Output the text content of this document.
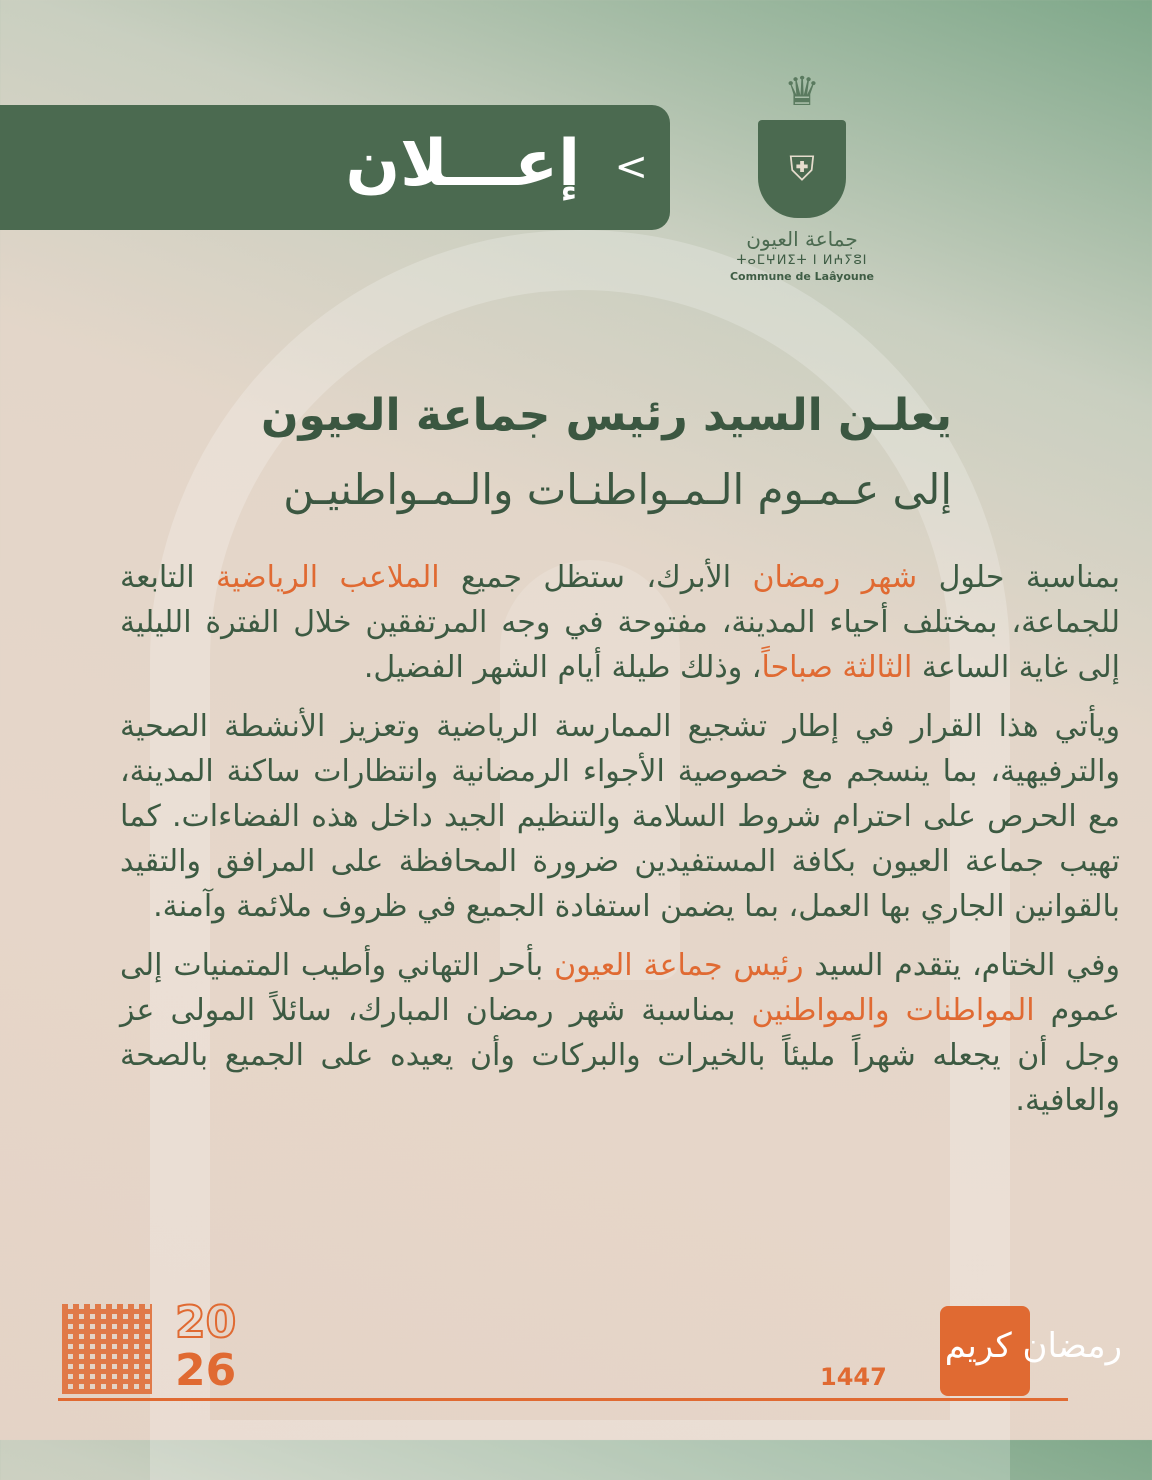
إعـــلان <
♛
⛨
جماعة العيون
ⵜⴰⵎⵖⵍⵉⵜ ⵏ ⵍⵄⵢⵓⵏ
Commune de Laâyoune
يعلـن السيد رئيس جماعة العيون
إلى عـمـوم الـمـواطنـات والـمـواطنيـن
بمناسبة حلول شهر رمضان الأبرك، ستظل جميع الملاعب الرياضية التابعة للجماعة، بمختلف أحياء المدينة، مفتوحة في وجه المرتفقين خلال الفترة الليلية إلى غاية الساعة الثالثة صباحاً، وذلك طيلة أيام الشهر الفضيل.
ويأتي هذا القرار في إطار تشجيع الممارسة الرياضية وتعزيز الأنشطة الصحية والترفيهية، بما ينسجم مع خصوصية الأجواء الرمضانية وانتظارات ساكنة المدينة، مع الحرص على احترام شروط السلامة والتنظيم الجيد داخل هذه الفضاءات. كما تهيب جماعة العيون بكافة المستفيدين ضرورة المحافظة على المرافق والتقيد بالقوانين الجاري بها العمل، بما يضمن استفادة الجميع في ظروف ملائمة وآمنة.
وفي الختام، يتقدم السيد رئيس جماعة العيون بأحر التهاني وأطيب المتمنيات إلى عموم المواطنات والمواطنين بمناسبة شهر رمضان المبارك، سائلاً المولى عز وجل أن يجعله شهراً مليئاً بالخيرات والبركات وأن يعيده على الجميع بالصحة والعافية.
20
26	رمضان كريم
1447
